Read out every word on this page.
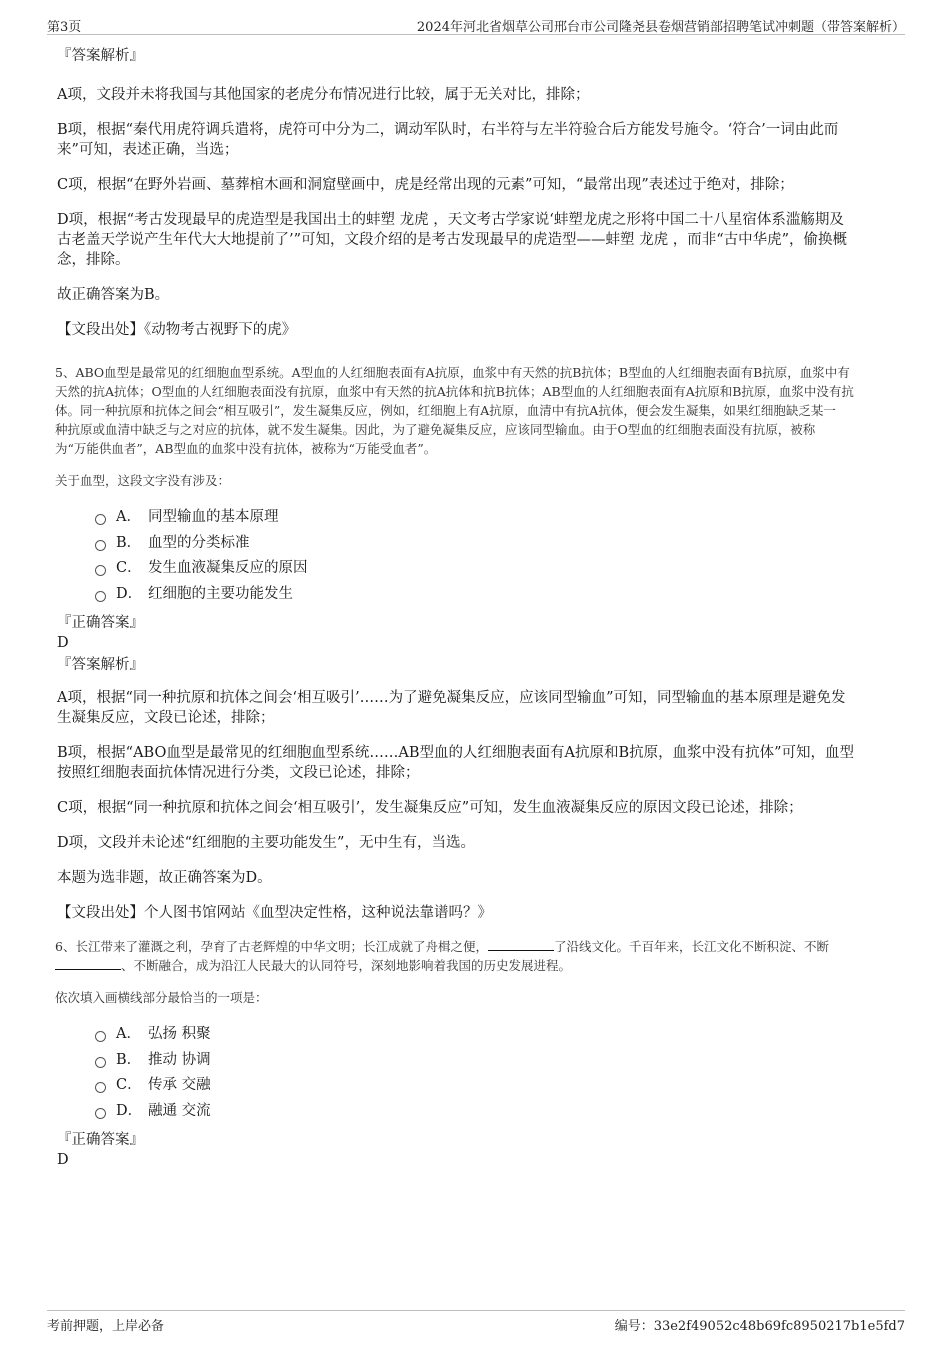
第3页	2024年河北省烟草公司邢台市公司隆尧县卷烟营销部招聘笔试冲刺题（带答案解析）
『答案解析』
A项，文段并未将我国与其他国家的老虎分布情况进行比较，属于无关对比，排除；
B项，根据“秦代用虎符调兵遣将，虎符可中分为二，调动军队时，右半符与左半符验合后方能发号施令。‘符合’一词由此而
来”可知，表述正确，当选；
C项，根据“在野外岩画、墓葬棺木画和洞窟壁画中，虎是经常出现的元素”可知，“最常出现”表述过于绝对，排除；
D项，根据“考古发现最早的虎造型是我国出土的蚌塑 龙虎 ，天文考古学家说‘蚌塑龙虎之形将中国二十八星宿体系滥觞期及
古老盖天学说产生年代大大地提前了’”可知，文段介绍的是考古发现最早的虎造型——蚌塑 龙虎 ，而非“古中华虎”，偷换概
念，排除。
故正确答案为B。
【文段出处】《动物考古视野下的虎》
5、ABO血型是最常见的红细胞血型系统。A型血的人红细胞表面有A抗原，血浆中有天然的抗B抗体；B型血的人红细胞表面有B抗原，血浆中有
天然的抗A抗体；O型血的人红细胞表面没有抗原，血浆中有天然的抗A抗体和抗B抗体；AB型血的人红细胞表面有A抗原和B抗原，血浆中没有抗
体。同一种抗原和抗体之间会“相互吸引”，发生凝集反应，例如，红细胞上有A抗原，血清中有抗A抗体，便会发生凝集，如果红细胞缺乏某一
种抗原或血清中缺乏与之对应的抗体，就不发生凝集。因此，为了避免凝集反应，应该同型输血。由于O型血的红细胞表面没有抗原，被称
为“万能供血者”，AB型血的血浆中没有抗体，被称为“万能受血者”。
关于血型，这段文字没有涉及：
A． 同型输血的基本原理
B． 血型的分类标准
C． 发生血液凝集反应的原因
D． 红细胞的主要功能发生
『正确答案』
D
『答案解析』
A项，根据“同一种抗原和抗体之间会‘相互吸引’……为了避免凝集反应，应该同型输血”可知，同型输血的基本原理是避免发
生凝集反应，文段已论述，排除；
B项，根据“ABO血型是最常见的红细胞血型系统……AB型血的人红细胞表面有A抗原和B抗原，血浆中没有抗体”可知，血型
按照红细胞表面抗体情况进行分类，文段已论述，排除；
C项，根据“同一种抗原和抗体之间会‘相互吸引’，发生凝集反应”可知，发生血液凝集反应的原因文段已论述，排除；
D项，文段并未论述“红细胞的主要功能发生”，无中生有，当选。
本题为选非题，故正确答案为D。
【文段出处】个人图书馆网站《血型决定性格，这种说法靠谱吗？》
6、长江带来了灌溉之利，孕育了古老辉煌的中华文明；长江成就了舟楫之便，	了沿线文化。千百年来，长江文化不断积淀、不断
、不断融合，成为沿江人民最大的认同符号，深刻地影响着我国的历史发展进程。
依次填入画横线部分最恰当的一项是：
A． 弘扬 积聚
B． 推动 协调
C． 传承 交融
D． 融通 交流
『正确答案』
D
考前押题，上岸必备	编号：33e2f49052c48b69fc8950217b1e5fd7
